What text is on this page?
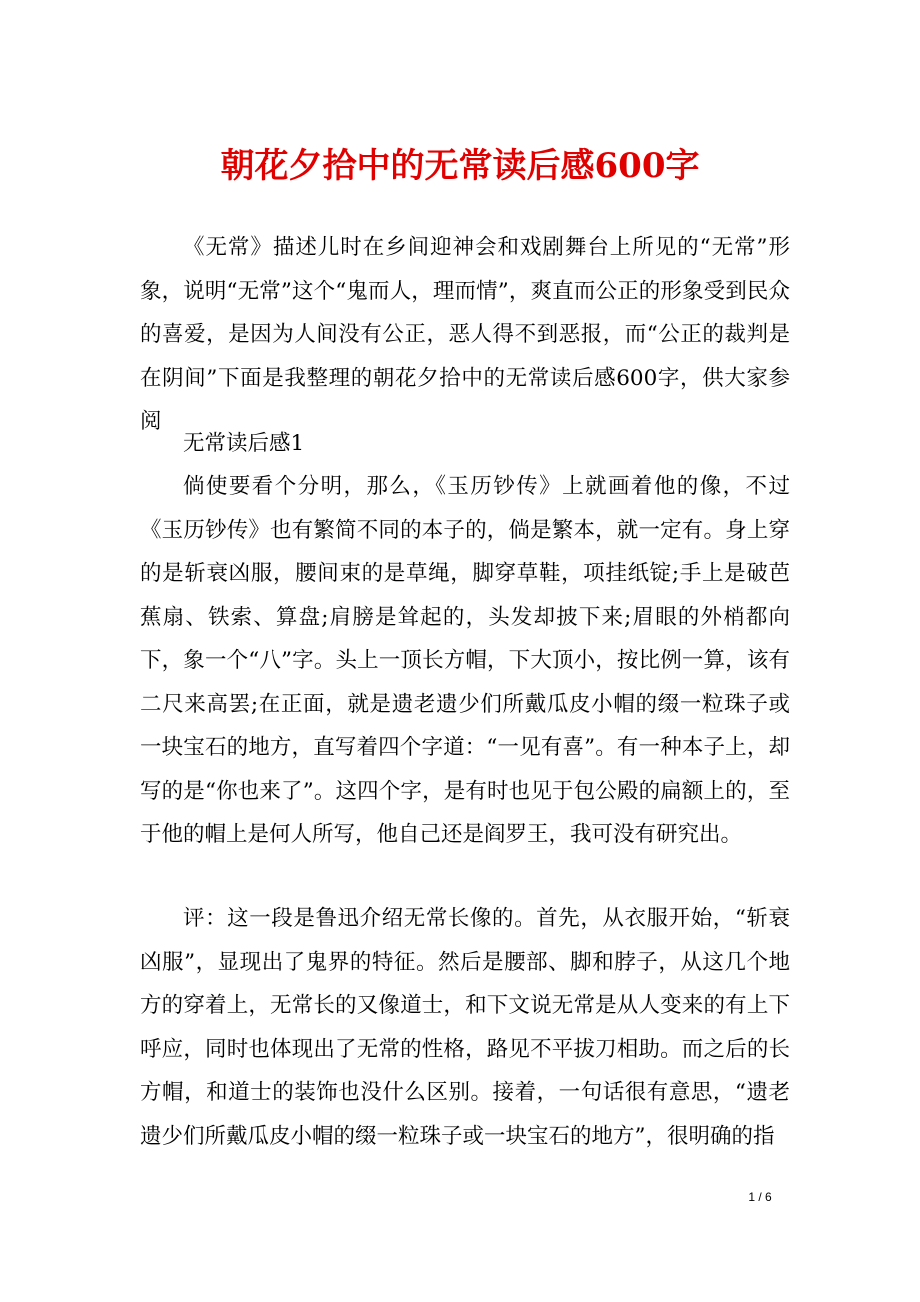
朝花夕拾中的无常读后感600字

《无常》描述儿时在乡间迎神会和戏剧舞台上所见的“无常”形象，说明“无常”这个“鬼而人，理而情”，爽直而公正的形象受到民众的喜爱，是因为人间没有公正，恶人得不到恶报，而“公正的裁判是在阴间”下面是我整理的朝花夕拾中的无常读后感600字，供大家参阅

无常读后感1

倘使要看个分明，那么，《玉历钞传》上就画着他的像，不过《玉历钞传》也有繁简不同的本子的，倘是繁本，就一定有。身上穿的是斩衰凶服，腰间束的是草绳，脚穿草鞋，项挂纸锭;手上是破芭蕉扇、铁索、算盘;肩膀是耸起的，头发却披下来;眉眼的外梢都向下，象一个“八”字。头上一顶长方帽，下大顶小，按比例一算，该有二尺来高罢;在正面，就是遗老遗少们所戴瓜皮小帽的缀一粒珠子或一块宝石的地方，直写着四个字道：“一见有喜”。有一种本子上，却写的是“你也来了”。这四个字，是有时也见于包公殿的扁额上的，至于他的帽上是何人所写，他自己还是阎罗王，我可没有研究出。

评：这一段是鲁迅介绍无常长像的。首先，从衣服开始，“斩衰凶服”，显现出了鬼界的特征。然后是腰部、脚和脖子，从这几个地方的穿着上，无常长的又像道士，和下文说无常是从人变来的有上下呼应，同时也体现出了无常的性格，路见不平拔刀相助。而之后的长方帽，和道士的装饰也没什么区别。接着，一句话很有意思，“遗老遗少们所戴瓜皮小帽的缀一粒珠子或一块宝石的地方”，很明确的指

1 / 6
